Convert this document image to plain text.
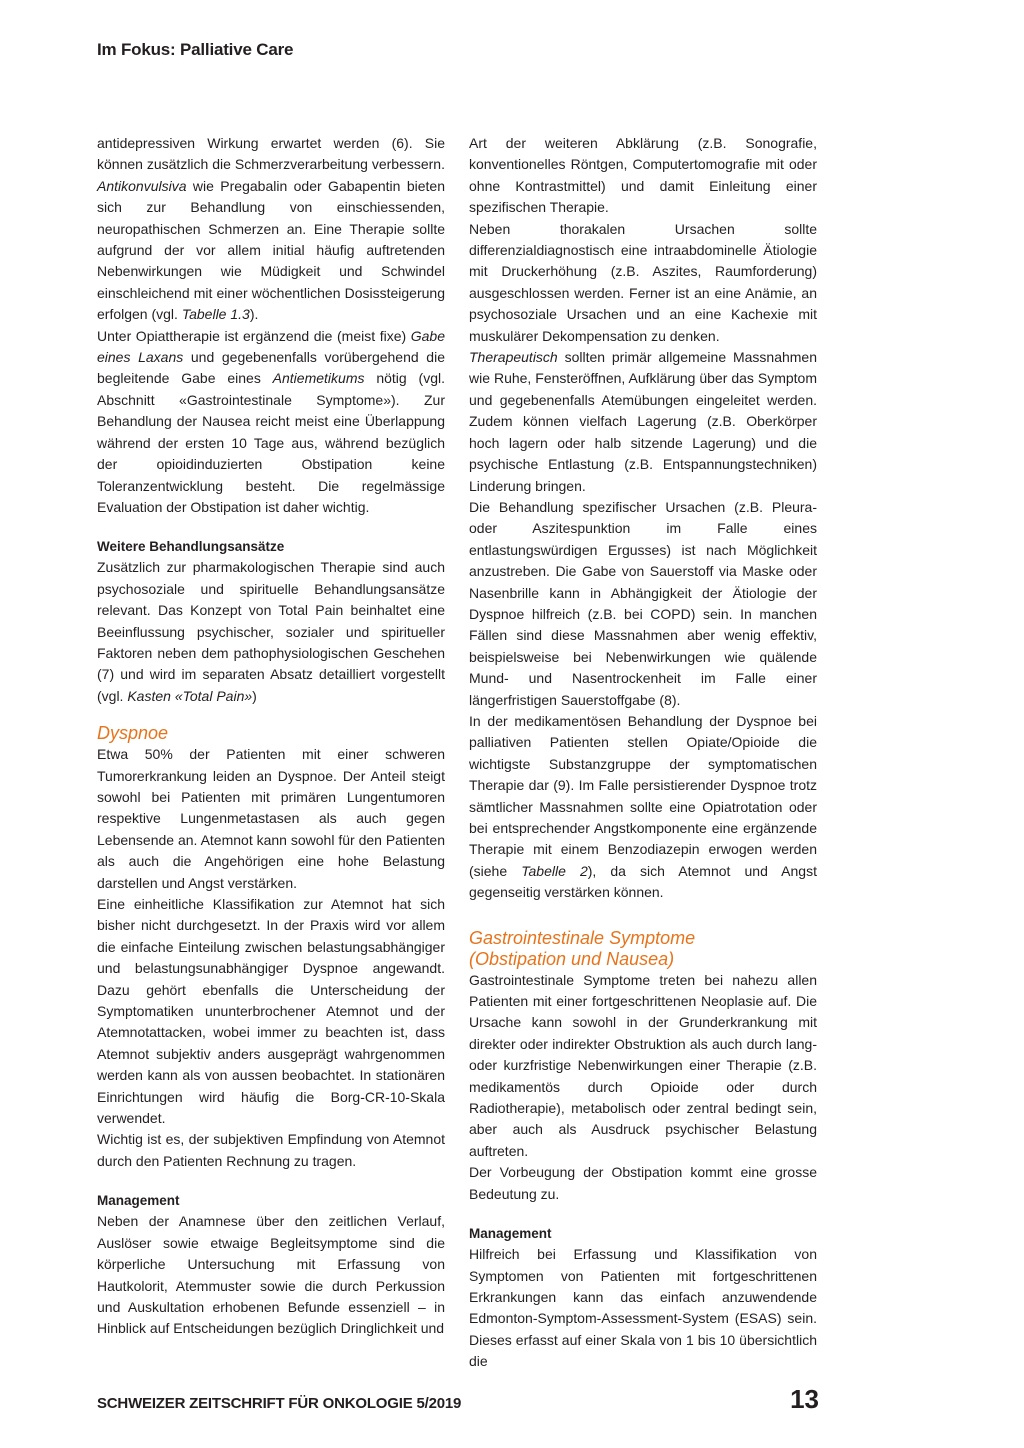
Im Fokus: Palliative Care

antidepressiven Wirkung erwartet werden (6). Sie können zusätzlich die Schmerzverarbeitung verbessern. Antikonvulsiva wie Pregabalin oder Gabapentin bieten sich zur Behandlung von einschiessenden, neuropathischen Schmerzen an. Eine Therapie sollte aufgrund der vor allem initial häufig auftretenden Nebenwirkungen wie Müdigkeit und Schwindel einschleichend mit einer wöchentlichen Dosissteigerung erfolgen (vgl. Tabelle 1.3).

Unter Opiattherapie ist ergänzend die (meist fixe) Gabe eines Laxans und gegebenenfalls vorübergehend die begleitende Gabe eines Antiemetikums nötig (vgl. Abschnitt «Gastrointestinale Symptome»). Zur Behandlung der Nausea reicht meist eine Überlappung während der ersten 10 Tage aus, während bezüglich der opioidinduzierten Obstipation keine Toleranzentwicklung besteht. Die regelmässige Evaluation der Obstipation ist daher wichtig.

Weitere Behandlungsansätze

Zusätzlich zur pharmakologischen Therapie sind auch psychosoziale und spirituelle Behandlungsansätze relevant. Das Konzept von Total Pain beinhaltet eine Beeinflussung psychischer, sozialer und spiritueller Faktoren neben dem pathophysiologischen Geschehen (7) und wird im separaten Absatz detailliert vorgestellt (vgl. Kasten «Total Pain»)

Dyspnoe

Etwa 50% der Patienten mit einer schweren Tumorerkrankung leiden an Dyspnoe. Der Anteil steigt sowohl bei Patienten mit primären Lungentumoren respektive Lungenmetastasen als auch gegen Lebensende an. Atemnot kann sowohl für den Patienten als auch die Angehörigen eine hohe Belastung darstellen und Angst verstärken.

Eine einheitliche Klassifikation zur Atemnot hat sich bisher nicht durchgesetzt. In der Praxis wird vor allem die einfache Einteilung zwischen belastungsabhängiger und belastungsunabhängiger Dyspnoe angewandt. Dazu gehört ebenfalls die Unterscheidung der Symptomatiken ununterbrochener Atemnot und der Atemnotattacken, wobei immer zu beachten ist, dass Atemnot subjektiv anders ausgeprägt wahrgenommen werden kann als von aussen beobachtet. In stationären Einrichtungen wird häufig die Borg-CR-10-Skala verwendet.

Wichtig ist es, der subjektiven Empfindung von Atemnot durch den Patienten Rechnung zu tragen.

Management

Neben der Anamnese über den zeitlichen Verlauf, Auslöser sowie etwaige Begleitsymptome sind die körperliche Untersuchung mit Erfassung von Hautkolorit, Atemmuster sowie die durch Perkussion und Auskultation erhobenen Befunde essenziell – in Hinblick auf Entscheidungen bezüglich Dringlichkeit und

Art der weiteren Abklärung (z.B. Sonografie, konventionelles Röntgen, Computertomografie mit oder ohne Kontrastmittel) und damit Einleitung einer spezifischen Therapie.

Neben thorakalen Ursachen sollte differenzialdiagnostisch eine intraabdominelle Ätiologie mit Druckerhöhung (z.B. Aszites, Raumforderung) ausgeschlossen werden. Ferner ist an eine Anämie, an psychosoziale Ursachen und an eine Kachexie mit muskulärer Dekompensation zu denken.

Therapeutisch sollten primär allgemeine Massnahmen wie Ruhe, Fensteröffnen, Aufklärung über das Symptom und gegebenenfalls Atemübungen eingeleitet werden. Zudem können vielfach Lagerung (z.B. Oberkörper hoch lagern oder halb sitzende Lagerung) und die psychische Entlastung (z.B. Entspannungstechniken) Linderung bringen.

Die Behandlung spezifischer Ursachen (z.B. Pleura- oder Aszitespunktion im Falle eines entlastungswürdigen Ergusses) ist nach Möglichkeit anzustreben. Die Gabe von Sauerstoff via Maske oder Nasenbrille kann in Abhängigkeit der Ätiologie der Dyspnoe hilfreich (z.B. bei COPD) sein. In manchen Fällen sind diese Massnahmen aber wenig effektiv, beispielsweise bei Nebenwirkungen wie quälende Mund- und Nasentrockenheit im Falle einer längerfristigen Sauerstoffgabe (8).

In der medikamentösen Behandlung der Dyspnoe bei palliativen Patienten stellen Opiate/Opioide die wichtigste Substanzgruppe der symptomatischen Therapie dar (9). Im Falle persistierender Dyspnoe trotz sämtlicher Massnahmen sollte eine Opiatrotation oder bei entsprechender Angstkomponente eine ergänzende Therapie mit einem Benzodiazepin erwogen werden (siehe Tabelle 2), da sich Atemnot und Angst gegenseitig verstärken können.

Gastrointestinale Symptome
(Obstipation und Nausea)

Gastrointestinale Symptome treten bei nahezu allen Patienten mit einer fortgeschrittenen Neoplasie auf. Die Ursache kann sowohl in der Grunderkrankung mit direkter oder indirekter Obstruktion als auch durch lang- oder kurzfristige Nebenwirkungen einer Therapie (z.B. medikamentös durch Opioide oder durch Radiotherapie), metabolisch oder zentral bedingt sein, aber auch als Ausdruck psychischer Belastung auftreten.

Der Vorbeugung der Obstipation kommt eine grosse Bedeutung zu.

Management

Hilfreich bei Erfassung und Klassifikation von Symptomen von Patienten mit fortgeschrittenen Erkrankungen kann das einfach anzuwendende Edmonton-Symptom-Assessment-System (ESAS) sein. Dieses erfasst auf einer Skala von 1 bis 10 übersichtlich die

SCHWEIZER ZEITSCHRIFT FÜR ONKOLOGIE 5/2019	13
